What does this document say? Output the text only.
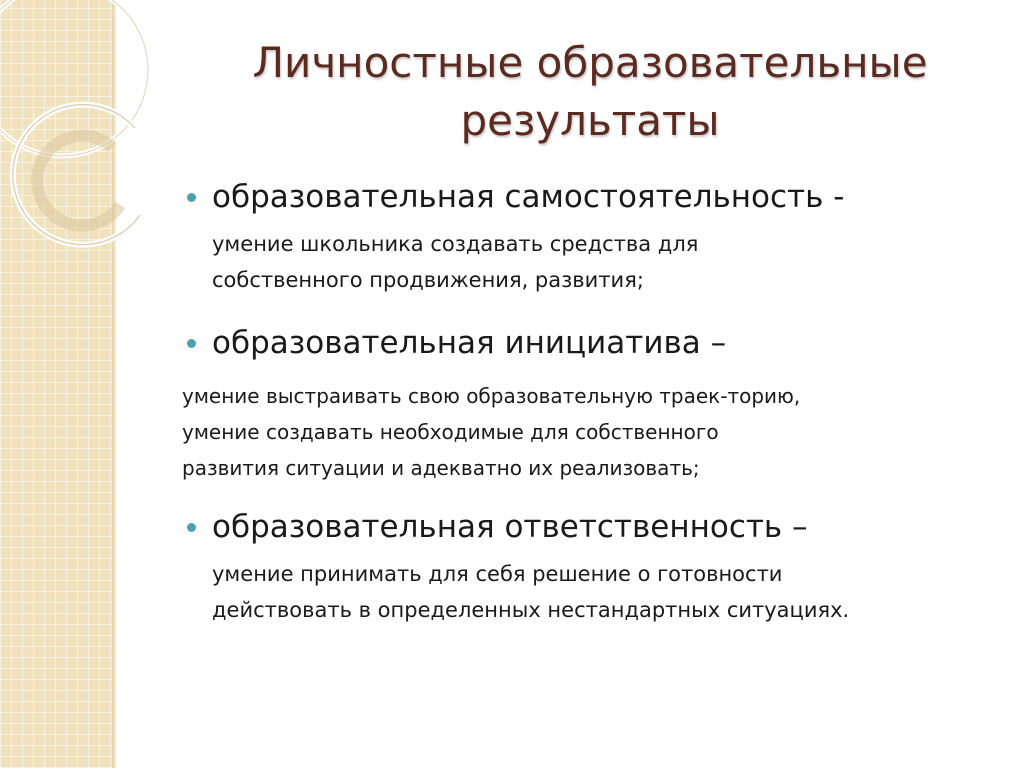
Личностные образовательные
результаты
образовательная самостоятельность -
умение школьника создавать средства для
собственного продвижения, развития;
образовательная инициатива –
умение выстраивать свою образовательную траек-торию,
умение создавать необходимые для собственного
развития ситуации и адекватно их реализовать;
образовательная ответственность –
умение принимать для себя решение о готовности
действовать в определенных нестандартных ситуациях.
